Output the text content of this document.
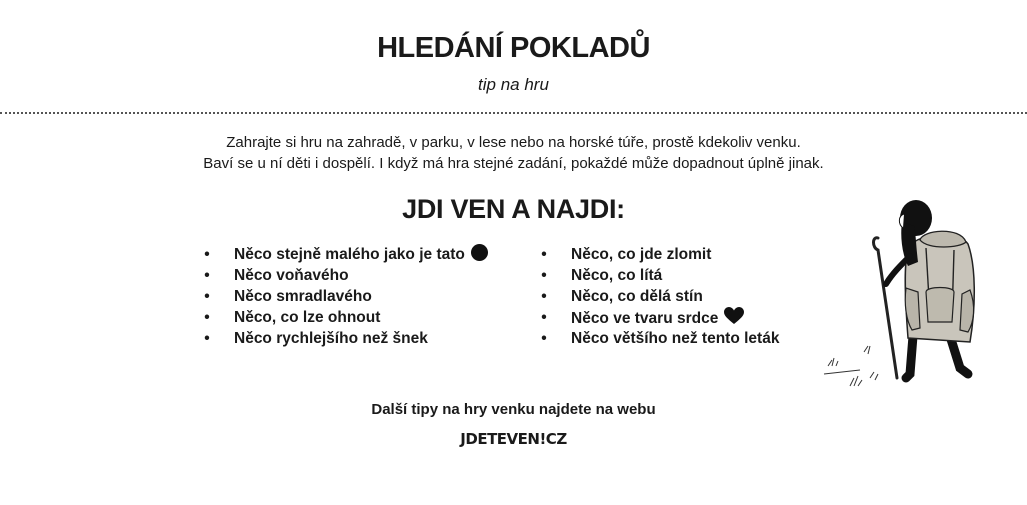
HLEDÁNÍ POKLADŮ
tip na hru
Zahrajte si hru na zahradě, v parku, v lese nebo na horské túře, prostě kdekoliv venku.
Baví se u ní děti i dospělí. I když má hra stejné zadání, pokaždé může dopadnout úplně jinak.
JDI VEN A NAJDI:
• Něco stejně malého jako je tato
• Něco voňavého
• Něco smradlavého
• Něco, co lze ohnout
• Něco rychlejšího než šnek
• Něco, co jde zlomit
• Něco, co lítá
• Něco, co dělá stín
• Něco ve tvaru srdce
• Něco většího než tento leták
Další tipy na hry venku najdete na webu
JDETEVEN!CZ
